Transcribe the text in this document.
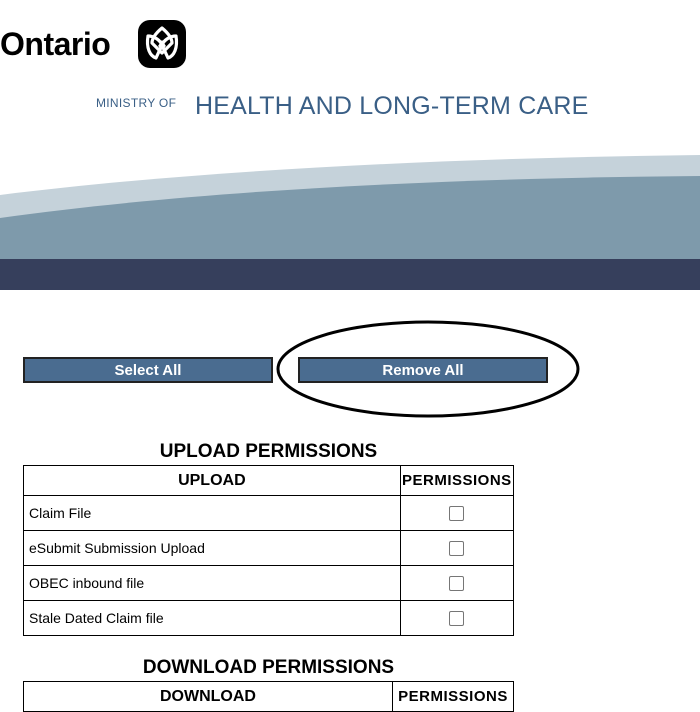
Ontario
MINISTRY OF HEALTH AND LONG-TERM CARE
Select All	Remove All
UPLOAD PERMISSIONS
UPLOAD	PERMISSIONS
Claim File	
eSubmit Submission Upload	
OBEC inbound file	
Stale Dated Claim file	
DOWNLOAD PERMISSIONS
DOWNLOAD	PERMISSIONS
